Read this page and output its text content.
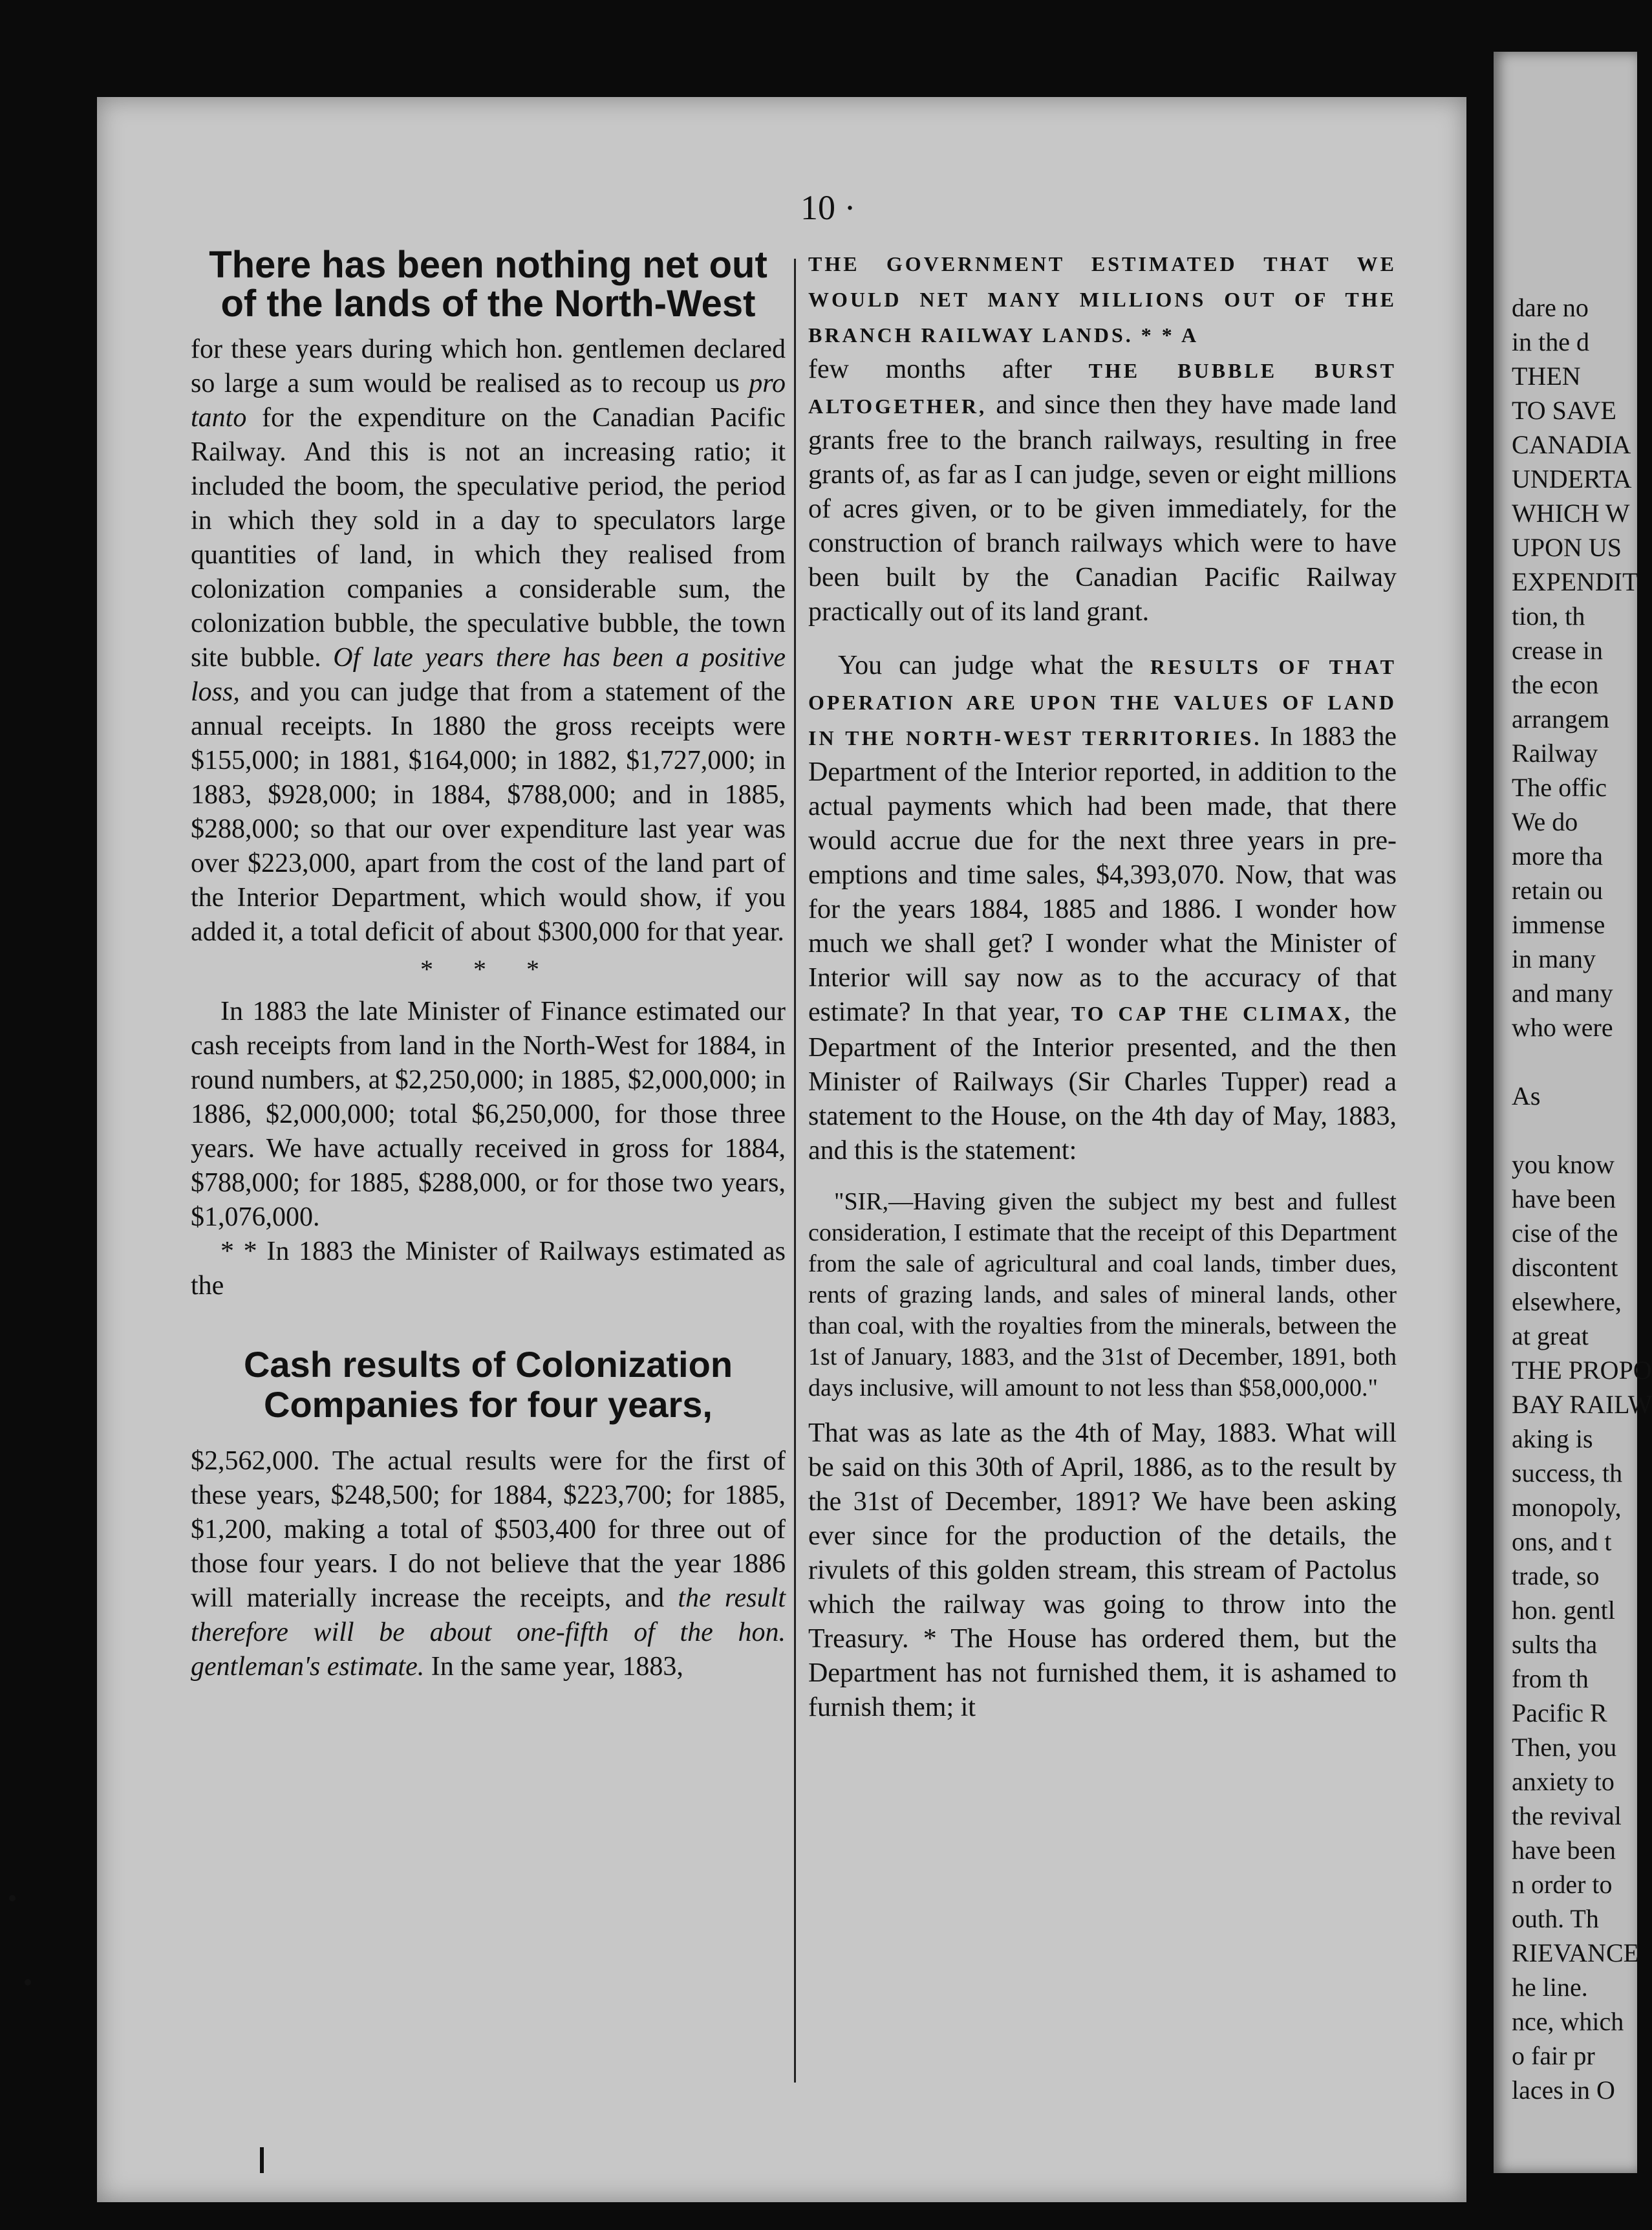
10 ·
There has been nothing net out of the lands of the North-West

for these years during which hon. gentlemen declared so large a sum would be realised as to recoup us pro tanto for the expenditure on the Canadian Pacific Railway. And this is not an increasing ratio; it included the boom, the speculative period, the period in which they sold in a day to speculators large quantities of land, in which they realised from colonization companies a considerable sum, the colonization bubble, the speculative bubble, the town site bubble. Of late years there has been a positive loss, and you can judge that from a statement of the annual receipts. In 1880 the gross receipts were $155,000; in 1881, $164,000; in 1882, $1,727,000; in 1883, $928,000; in 1884, $788,000; and in 1885, $288,000; so that our over expenditure last year was over $223,000, apart from the cost of the land part of the Interior Department, which would show, if you added it, a total deficit of about $300,000 for that year.

* * *

In 1883 the late Minister of Finance estimated our cash receipts from land in the North-West for 1884, in round numbers, at $2,250,000; in 1885, $2,000,000; in 1886, $2,000,000; total $6,250,000, for those three years. We have actually received in gross for 1884, $788,000; for 1885, $288,000, or for those two years, $1,076,000.

* * In 1883 the Minister of Railways estimated as the

Cash results of Colonization Companies for four years,

$2,562,000. The actual results were for the first of these years, $248,500; for 1884, $223,700; for 1885, $1,200, making a total of $503,400 for three out of those four years. I do not believe that the year 1886 will materially increase the receipts, and the result therefore will be about one-fifth of the hon. gentleman's estimate. In the same year, 1883,

THE GOVERNMENT ESTIMATED THAT WE WOULD NET MANY MILLIONS OUT OF THE BRANCH RAILWAY LANDS. * * A
few months after THE BUBBLE BURST ALTOGETHER, and since then they have made land grants free to the branch railways, resulting in free grants of, as far as I can judge, seven or eight millions of acres given, or to be given immediately, for the construction of branch railways which were to have been built by the Canadian Pacific Railway practically out of its land grant.

You can judge what the RESULTS OF THAT OPERATION ARE UPON THE VALUES OF LAND IN THE NORTH-WEST TERRITORIES. In 1883 the Department of the Interior reported, in addition to the actual payments which had been made, that there would accrue due for the next three years in pre-emptions and time sales, $4,393,070. Now, that was for the years 1884, 1885 and 1886. I wonder how much we shall get? I wonder what the Minister of Interior will say now as to the accuracy of that estimate? In that year, TO CAP THE CLIMAX, the Department of the Interior presented, and the then Minister of Railways (Sir Charles Tupper) read a statement to the House, on the 4th day of May, 1883, and this is the statement:

"SIR,—Having given the subject my best and fullest consideration, I estimate that the receipt of this Department from the sale of agricultural and coal lands, timber dues, rents of grazing lands, and sales of mineral lands, other than coal, with the royalties from the minerals, between the 1st of January, 1883, and the 31st of December, 1891, both days inclusive, will amount to not less than $58,000,000."

That was as late as the 4th of May, 1883. What will be said on this 30th of April, 1886, as to the result by the 31st of December, 1891? We have been asking ever since for the production of the details, the rivulets of this golden stream, this stream of Pactolus which the railway was going to throw into the Treasury. * The House has ordered them, but the Department has not furnished them, it is ashamed to furnish them; it

dare no
in the d
THEN
TO SAVE
CANADIA
UNDERTA
WHICH W
UPON US
EXPENDIT
tion, th
crease in
the econ
arrangem
Railway
The offic
We do
more tha
retain ou
immense
in many
and many
who were
As
you know
have been
cise of the
discontent
elsewhere,
at great
THE PROPO
BAY RAILW
aking is
success, th
monopoly,
ons, and t
trade, so
hon. gentl
sults tha
from th
Pacific R
Then, you
anxiety to
the revival
have been
n order to
outh. Th
RIEVANCE
he line.
nce, which
o fair pr
laces in O
